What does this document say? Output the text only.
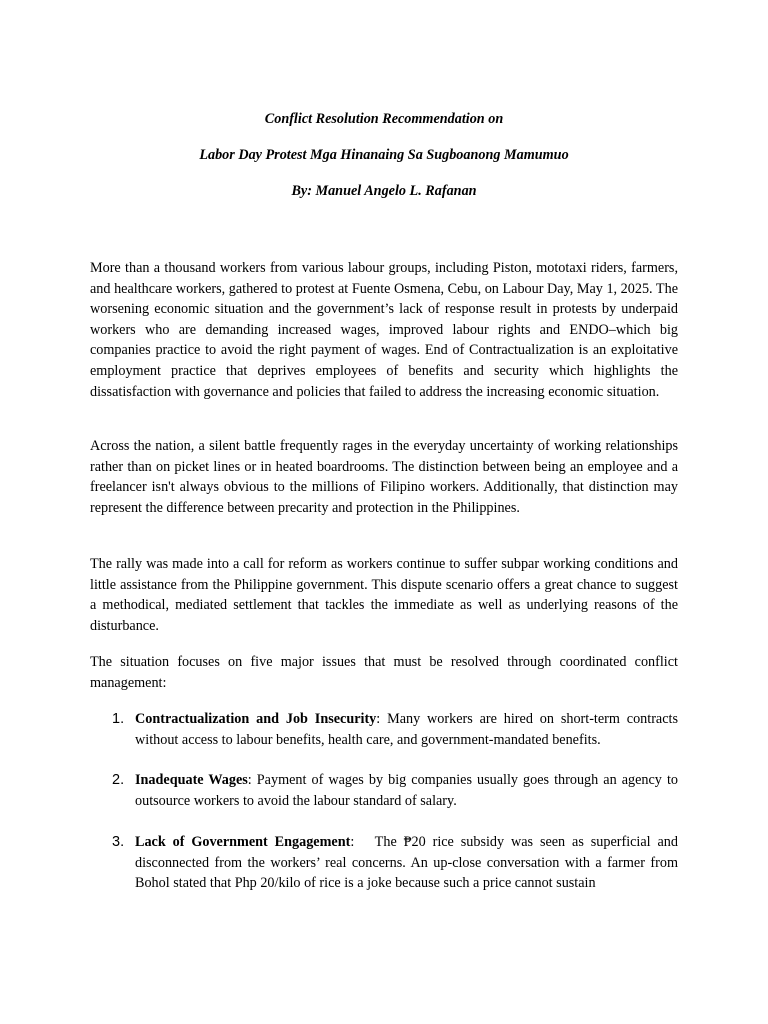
Conflict Resolution Recommendation on
Labor Day Protest Mga Hinanaing Sa Sugboanong Mamumuo
By: Manuel Angelo L. Rafanan

More than a thousand workers from various labour groups, including Piston, mototaxi riders, farmers, and healthcare workers, gathered to protest at Fuente Osmena, Cebu, on Labour Day, May 1, 2025. The worsening economic situation and the government’s lack of response result in protests by underpaid workers who are demanding increased wages, improved labour rights and ENDO–which big companies practice to avoid the right payment of wages. End of Contractualization is an exploitative employment practice that deprives employees of benefits and security which highlights the dissatisfaction with governance and policies that failed to address the increasing economic situation.

Across the nation, a silent battle frequently rages in the everyday uncertainty of working relationships rather than on picket lines or in heated boardrooms. The distinction between being an employee and a freelancer isn't always obvious to the millions of Filipino workers. Additionally, that distinction may represent the difference between precarity and protection in the Philippines.

The rally was made into a call for reform as workers continue to suffer subpar working conditions and little assistance from the Philippine government. This dispute scenario offers a great chance to suggest a methodical, mediated settlement that tackles the immediate as well as underlying reasons of the disturbance.

The situation focuses on five major issues that must be resolved through coordinated conflict management:

1. Contractualization and Job Insecurity: Many workers are hired on short-term contracts without access to labour benefits, health care, and government-mandated benefits.

2. Inadequate Wages: Payment of wages by big companies usually goes through an agency to outsource workers to avoid the labour standard of salary.

3. Lack of Government Engagement:   The ₱20 rice subsidy was seen as superficial and disconnected from the workers’ real concerns. An up-close conversation with a farmer from Bohol stated that Php 20/kilo of rice is a joke because such a price cannot sustain
